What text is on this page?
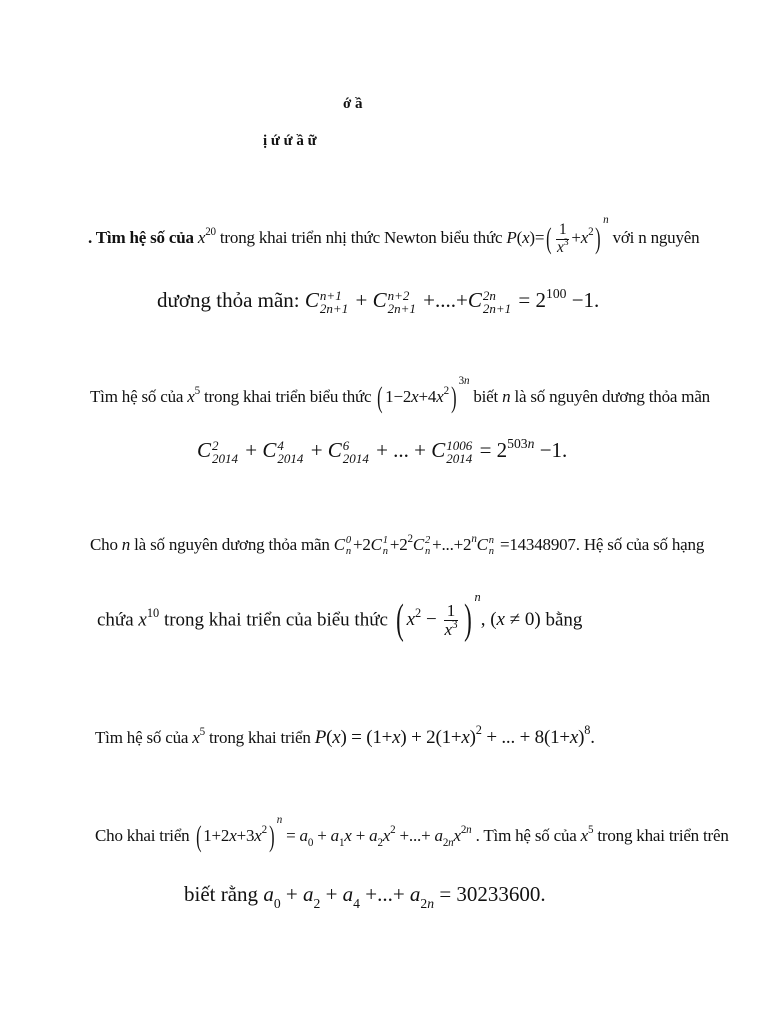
ớ ầ
ị ứ ứ ầ ữ
. Tìm hệ số của $x^{20}$ trong khai triển nhị thức Newton biểu thức $P(x)=( \frac{1}{x^3} +x^2)^n$ với n nguyên
dương thỏa mãn: C n+1
2n+1 + C n+2
2n+1 +....+C 2n
$2n+1 = 2^{100} -1$.
Tìm hệ số của $x^5$ trong khai triển biểu thức ( $1-2x+4x^2$) $^{3n}$ biết n là số nguyên dương thỏa mãn
C 2
2014 + C 4
2014 + C 6
2014 + ... + C 1006
$2014 = 2^{503n} -1$.
Cho n là số nguyên dương thỏa mãn C 0
n +2C 1
$n +2^2C$ 2
$n +...+2^nC$ n
n =14348907. Hệ số của số hạng
chứa $x^{10}$ trong khai triển của biểu thức ( $x^2 - \frac{1}{x^3} )^n$, (x ≠ 0) bằng
Tìm hệ số của $x^5$ trong khai triển $P(x) = (1+x) + 2(1+x)^2$ + ... + $8(1+x)^8$.
Cho khai triển ( $1+2x+3x^2$) $^n = a_0 + a_1x + a_2x^2$ +...+ $a_{2n}x^{2n}$ . Tìm hệ số của $x^5$ trong khai triển trên
biết rằng $a_0 + a_2 + a_4$ +...+ $a_{2n} = 30233600$.
